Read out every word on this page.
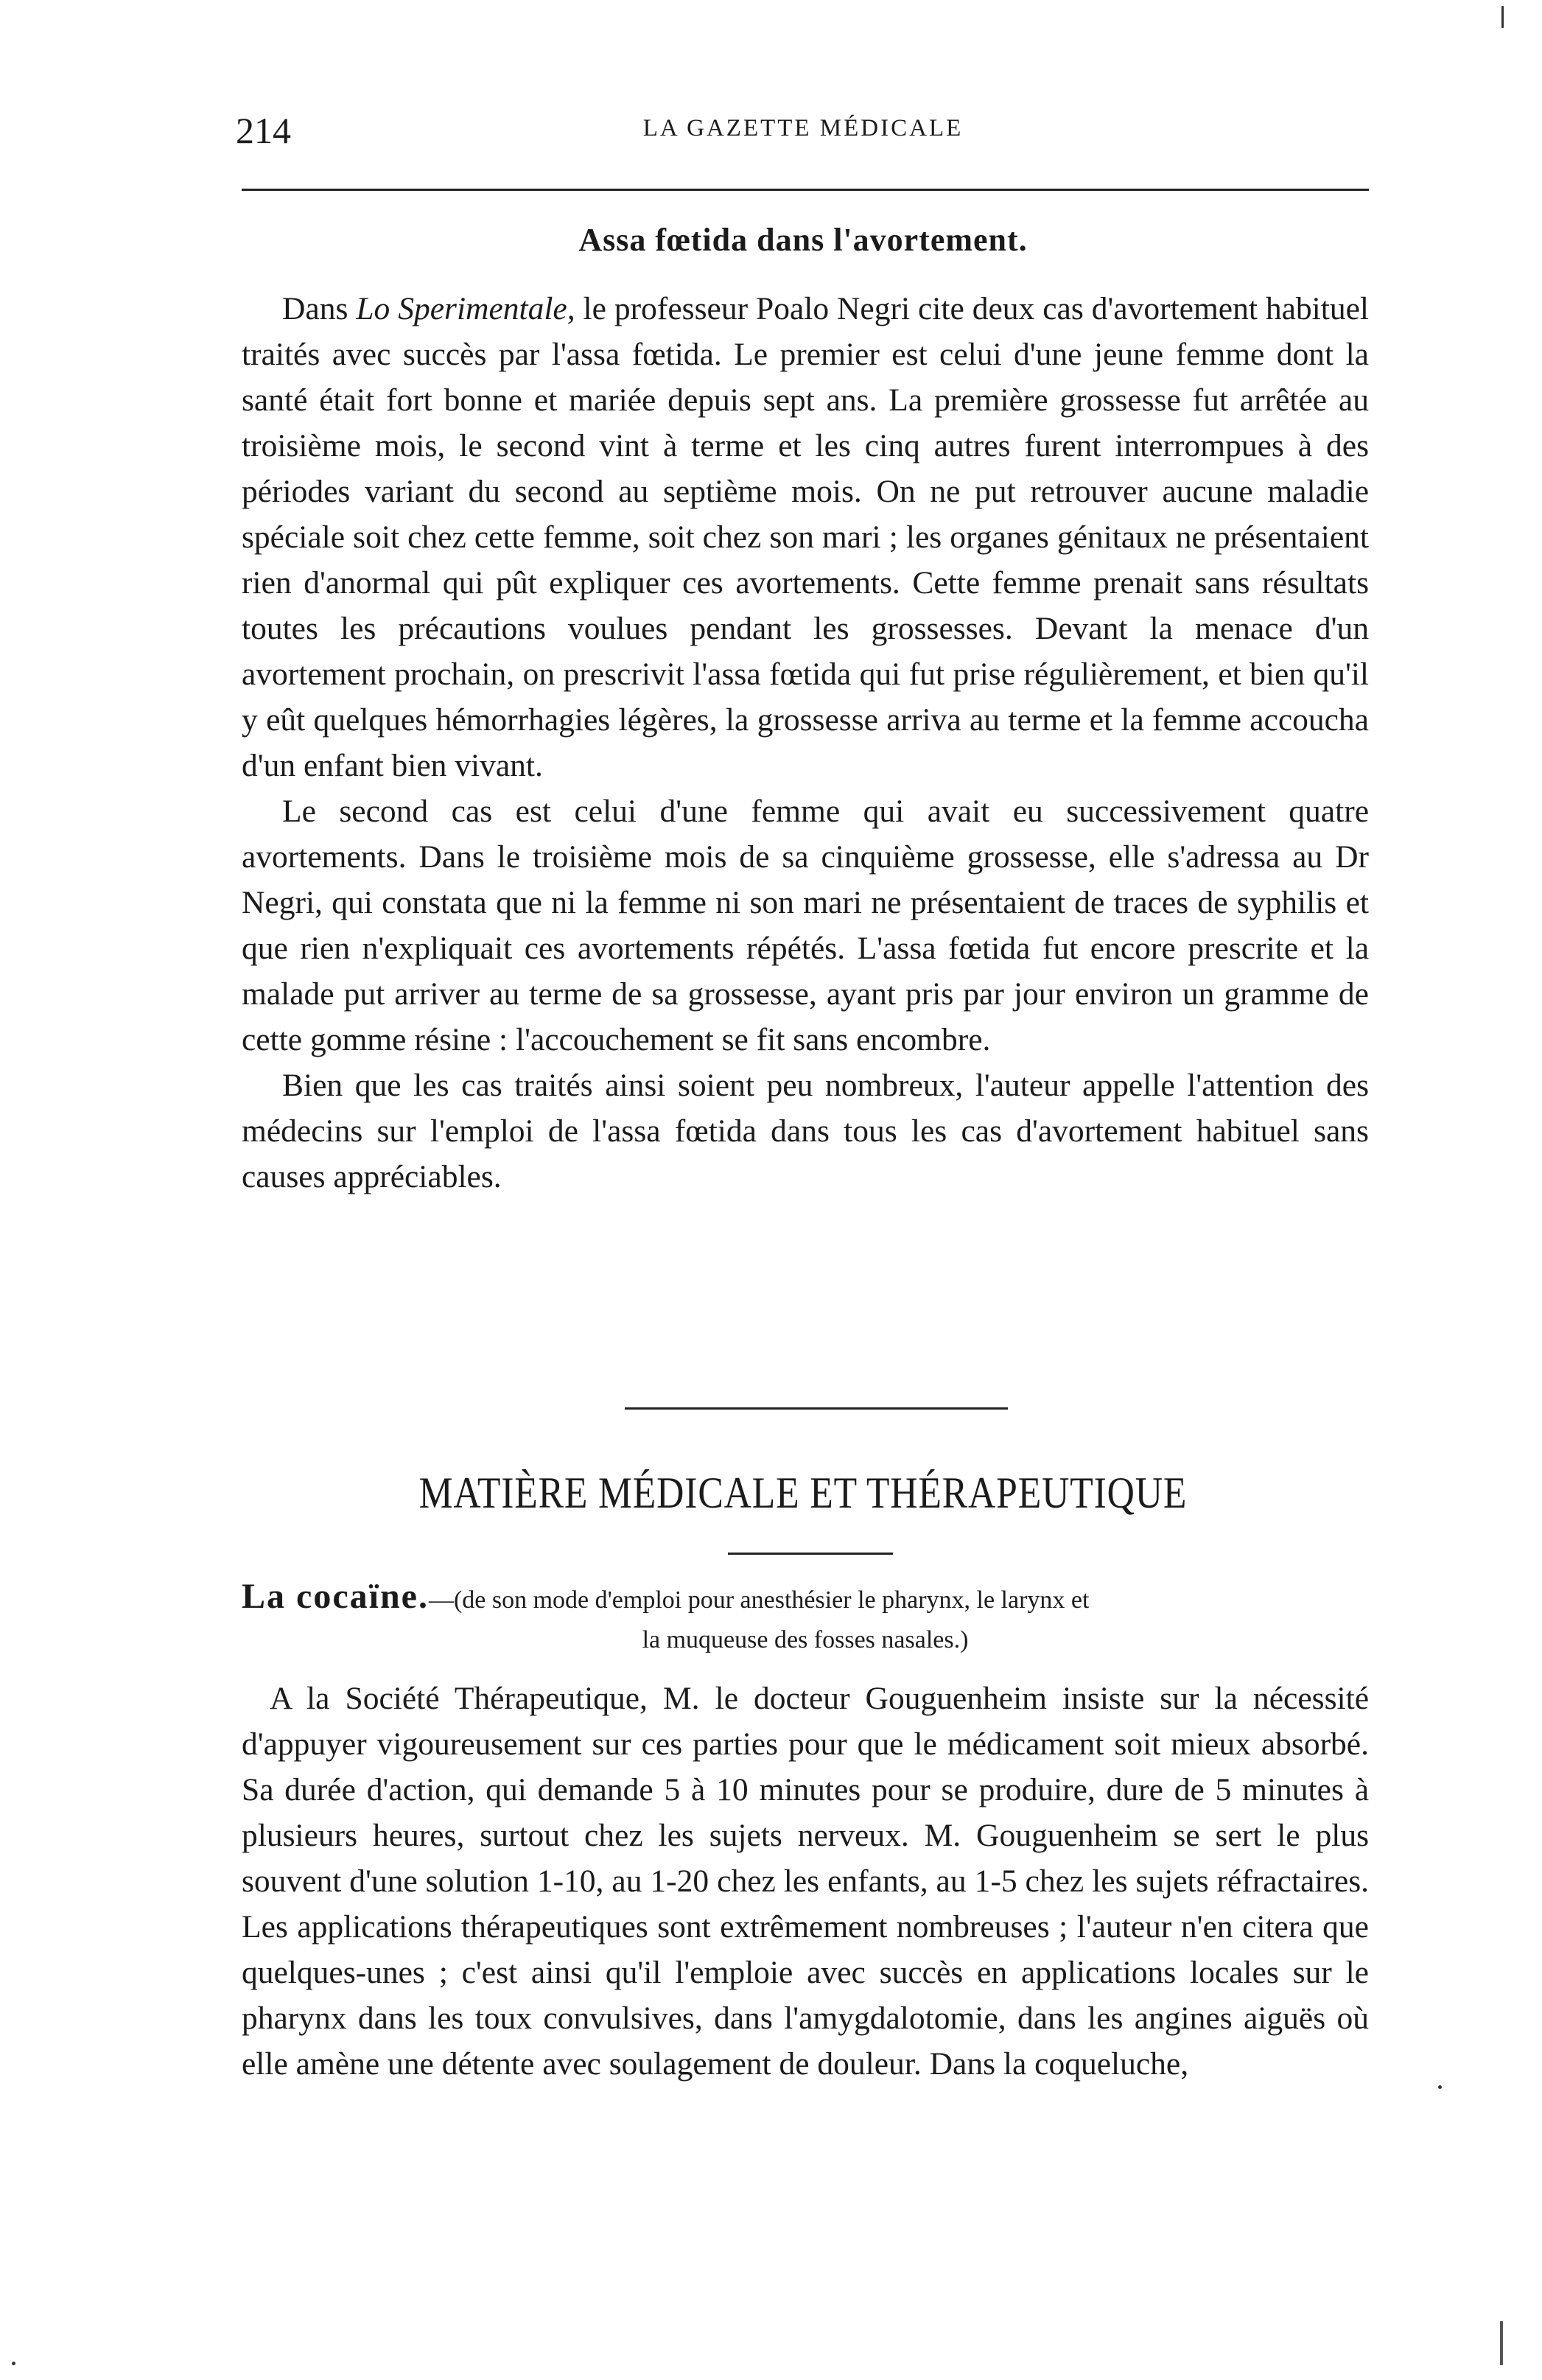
214	LA GAZETTE MÉDICALE
Assa fœtida dans l'avortement.

Dans Lo Sperimentale, le professeur Poalo Negri cite deux cas d'avortement habituel traités avec succès par l'assa fœtida. Le premier est celui d'une jeune femme dont la santé était fort bonne et mariée depuis sept ans. La première grossesse fut arrêtée au troisième mois, le second vint à terme et les cinq autres furent interrompues à des périodes variant du second au septième mois. On ne put retrouver aucune maladie spéciale soit chez cette femme, soit chez son mari ; les organes génitaux ne présentaient rien d'anormal qui pût expliquer ces avortements. Cette femme prenait sans résultats toutes les précautions voulues pendant les grossesses. Devant la menace d'un avortement prochain, on prescrivit l'assa fœtida qui fut prise régulièrement, et bien qu'il y eût quelques hémorrhagies légères, la grossesse arriva au terme et la femme accoucha d'un enfant bien vivant.

Le second cas est celui d'une femme qui avait eu successivement quatre avortements. Dans le troisième mois de sa cinquième grossesse, elle s'adressa au Dr Negri, qui constata que ni la femme ni son mari ne présentaient de traces de syphilis et que rien n'expliquait ces avortements répétés. L'assa fœtida fut encore prescrite et la malade put arriver au terme de sa grossesse, ayant pris par jour environ un gramme de cette gomme résine : l'accouchement se fit sans encombre.

Bien que les cas traités ainsi soient peu nombreux, l'auteur appelle l'attention des médecins sur l'emploi de l'assa fœtida dans tous les cas d'avortement habituel sans causes appréciables.

MATIÈRE MÉDICALE ET THÉRAPEUTIQUE
La cocaïne.—(de son mode d'emploi pour anesthésier le pharynx, le larynx et
la muqueuse des fosses nasales.)

A la Société Thérapeutique, M. le docteur Gouguenheim insiste sur la nécessité d'appuyer vigoureusement sur ces parties pour que le médicament soit mieux absorbé. Sa durée d'action, qui demande 5 à 10 minutes pour se produire, dure de 5 minutes à plusieurs heures, surtout chez les sujets nerveux. M. Gouguenheim se sert le plus souvent d'une solution 1-10, au 1-20 chez les enfants, au 1-5 chez les sujets réfractaires. Les applications thérapeutiques sont extrêmement nombreuses ; l'auteur n'en citera que quelques-unes ; c'est ainsi qu'il l'emploie avec succès en applications locales sur le pharynx dans les toux convulsives, dans l'amygdalotomie, dans les angines aiguës où elle amène une détente avec soulagement de douleur. Dans la coqueluche,
